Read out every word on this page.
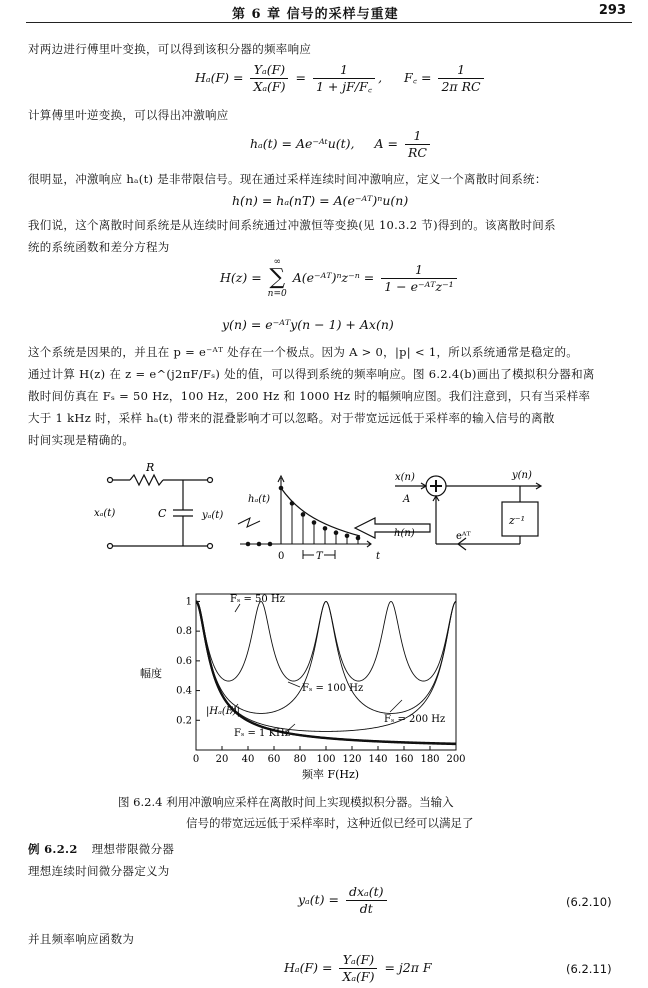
第 6 章 信号的采样与重建	293
对两边进行傅里叶变换，可以得到该积分器的频率响应
$H_a(F) = \frac{\text{Yₐ(F)}}{\text{Xₐ(F)}} = \frac{1}{1 + jF/F꜀}$ , F꜀ = $\frac{1}{\text{2π RC}}$
计算傅里叶逆变换，可以得出冲激响应
hₐ(t) = Ae⁻ᴬᵗu(t), $A = \frac{1}{RC}$
很明显，冲激响应 hₐ(t) 是非带限信号。现在通过采样连续时间冲激响应，定义一个离散时间系统：
h(n) = hₐ(nT) = A(e⁻ᴬᵀ)ⁿu(n)
我们说，这个离散时间系统是从连续时间系统通过冲激恒等变换(见 10.3.2 节)得到的。该离散时间系
统的系统函数和差分方程为
H(z) =
∞
∑
n=0
A(e⁻ᴬᵀ)ⁿz⁻ⁿ = $\frac{1}{\text{1 − e⁻ᴬᵀz⁻¹}}$
y(n) = e⁻ᴬᵀy(n − 1) + Ax(n)
这个系统是因果的，并且在 p = e⁻ᴬᵀ 处存在一个极点。因为 A > 0，|p| < 1，所以系统通常是稳定的。
通过计算 H(z) 在 z = e^(j2πF/Fₛ) 处的值，可以得到系统的频率响应。图 6.2.4(b)画出了模拟积分器和离
散时间仿真在 Fₛ = 50 Hz，100 Hz，200 Hz 和 1000 Hz 时的幅频响应图。我们注意到，只有当采样率
大于 1 kHz 时，采样 hₐ(t) 带来的混叠影响才可以忽略。对于带宽远远低于采样率的输入信号的离散
时间实现是精确的。
R
C
xₐ(t)	yₐ(t)
hₐ(t)
0	T	t
x(n)
A
y(n)
h(n)	eᴬᵀ
z⁻¹
0 20 40 60 80 100 120 140 160 180 200
0.2
0.4
0.6
0.8
1
幅度
频率 F(Hz)
Fₛ = 50 Hz
Fₛ = 100 Hz
Fₛ = 200 Hz
Fₛ = 1 KHz
|Hₐ(F)|
图 6.2.4 利用冲激响应采样在离散时间上实现模拟积分器。当输入
信号的带宽远远低于采样率时，这种近似已经可以满足了
例 6.2.2 理想带限微分器
理想连续时间微分器定义为
$y_a(t) = \frac{\text{dxₐ(t)}}{dt}$	(6.2.10)
并且频率响应函数为
$H_a(F) = \frac{\text{Yₐ(F)}}{\text{Xₐ(F)}} = j2\pi$ F	(6.2.11)
